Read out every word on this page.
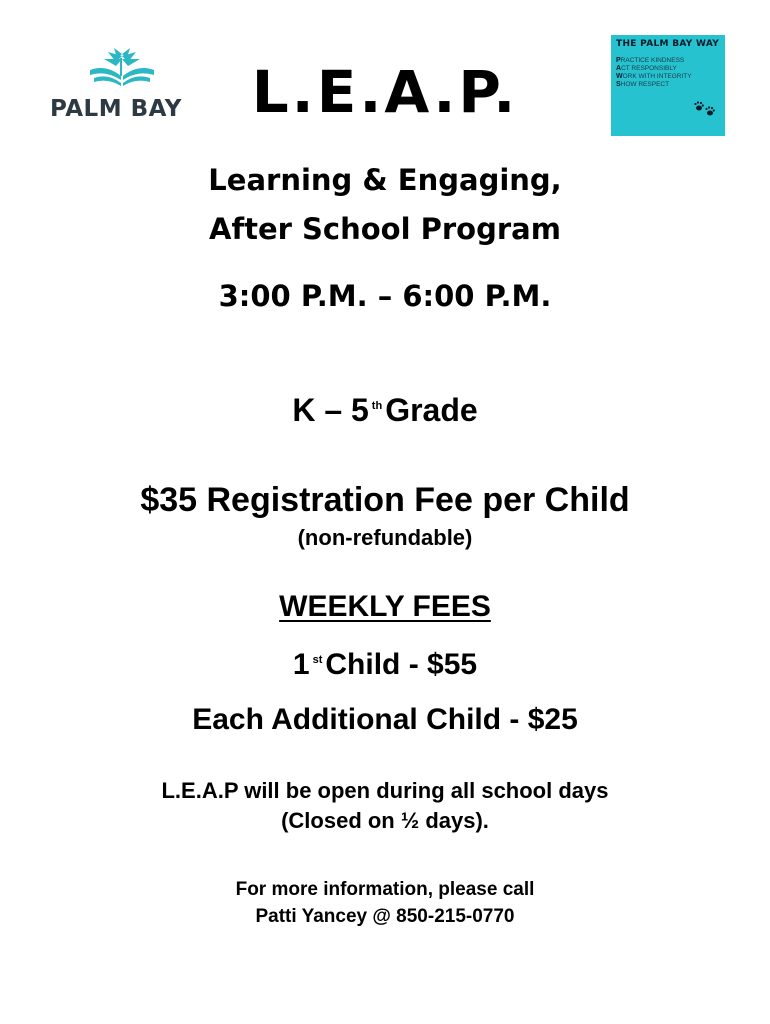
PALM BAY	L.E.A.P.
THE PALM BAY WAY
PRACTICE KINDNESS
ACT RESPONSIBLY
WORK WITH INTEGRITY
SHOW RESPECT
Learning & Engaging,
After School Program
3:00 P.M. – 6:00 P.M.
K – 5 $^{th}$Grade
$35 Registration Fee per Child
(non-refundable)
WEEKLY FEES
1 $^{st}$ Child - $55
Each Additional Child - $25
L.E.A.P will be open during all school days
(Closed on ½ days).
For more information, please call
Patti Yancey @ 850-215-0770
